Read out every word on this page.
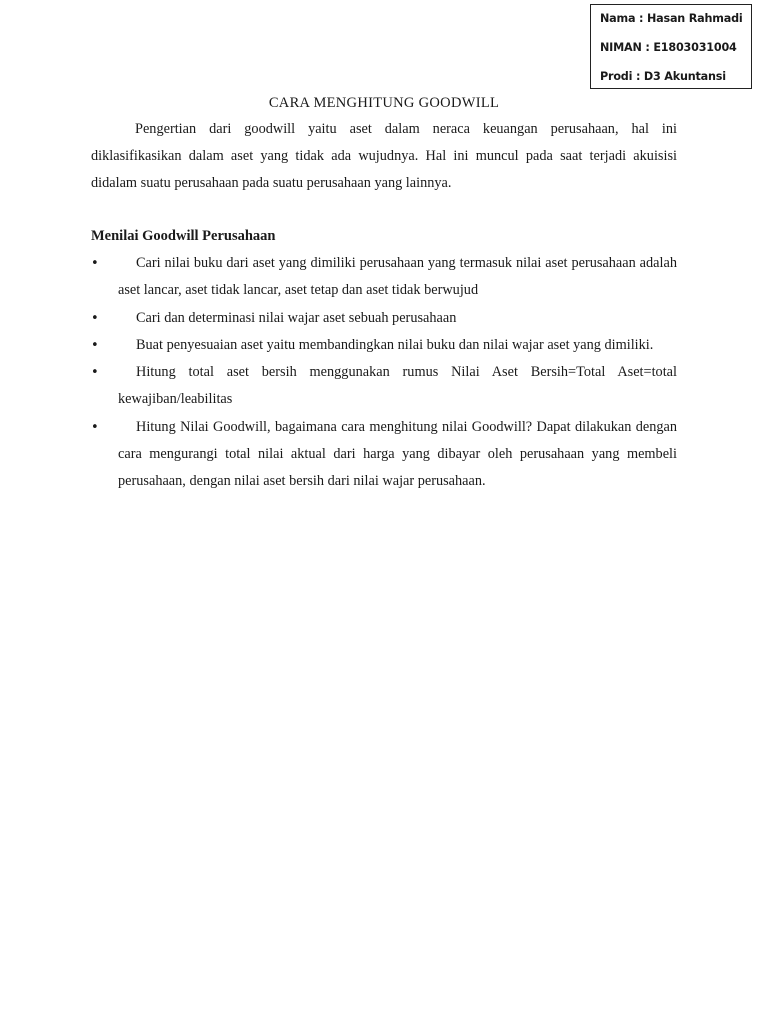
Nama : Hasan Rahmadi
NIMAN : E1803031004
Prodi : D3 Akuntansi
CARA MENGHITUNG GOODWILL

Pengertian dari goodwill yaitu aset dalam neraca keuangan perusahaan, hal ini diklasifikasikan dalam aset yang tidak ada wujudnya. Hal ini muncul pada saat terjadi akuisisi didalam suatu perusahaan pada suatu perusahaan yang lainnya.

Menilai Goodwill Perusahaan
•	Cari nilai buku dari aset yang dimiliki perusahaan yang termasuk nilai aset perusahaan adalah aset lancar, aset tidak lancar, aset tetap dan aset tidak berwujud
•	Cari dan determinasi nilai wajar aset sebuah perusahaan
•	Buat penyesuaian aset yaitu membandingkan nilai buku dan nilai wajar aset yang dimiliki.
•	Hitung total aset bersih menggunakan rumus Nilai Aset Bersih=Total Aset=total kewajiban/leabilitas
•	Hitung Nilai Goodwill, bagaimana cara menghitung nilai Goodwill? Dapat dilakukan dengan cara mengurangi total nilai aktual dari harga yang dibayar oleh perusahaan yang membeli perusahaan, dengan nilai aset bersih dari nilai wajar perusahaan.
